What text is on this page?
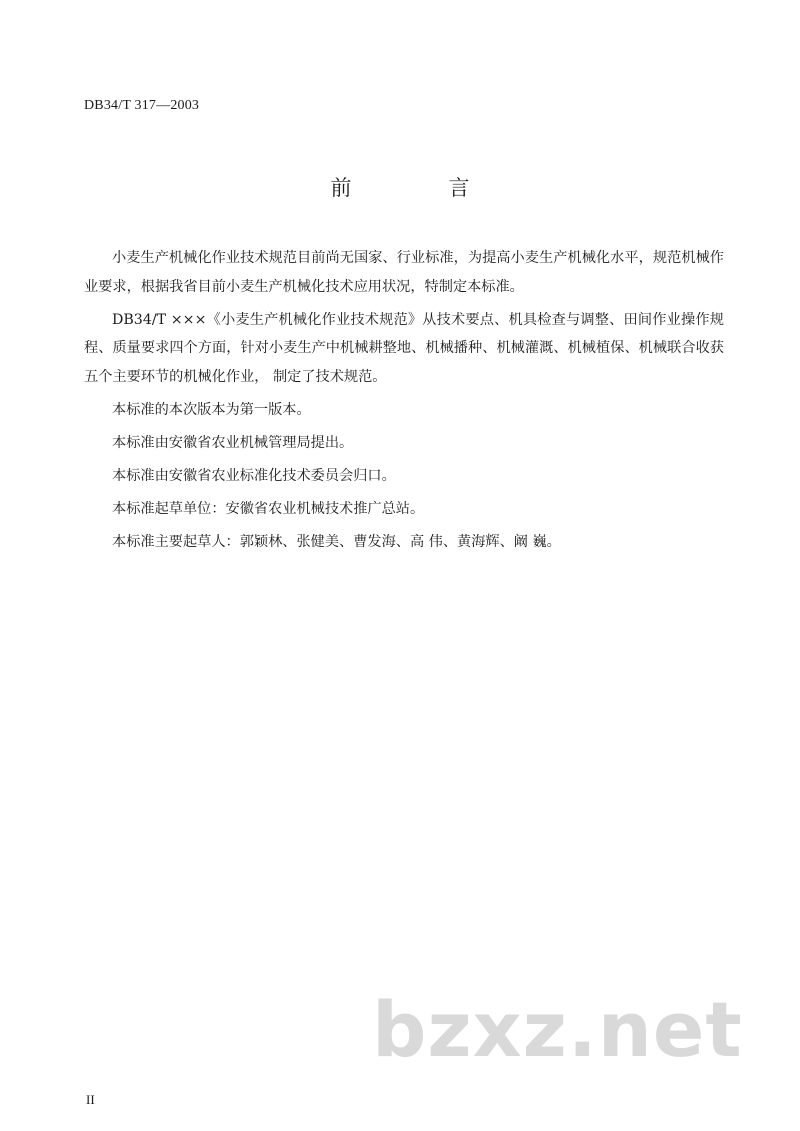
DB34/T 317—2003
前　言

小麦生产机械化作业技术规范目前尚无国家、行业标准，为提高小麦生产机械化水平，规范机械作业要求，根据我省目前小麦生产机械化技术应用状况，特制定本标准。

DB34/T ×××《小麦生产机械化作业技术规范》从技术要点、机具检查与调整、田间作业操作规程、质量要求四个方面，针对小麦生产中机械耕整地、机械播种、机械灌溉、机械植保、机械联合收获五个主要环节的机械化作业， 制定了技术规范。

本标准的本次版本为第一版本。

本标准由安徽省农业机械管理局提出。

本标准由安徽省农业标准化技术委员会归口。

本标准起草单位：安徽省农业机械技术推广总站。

本标准主要起草人：郭颖林、张健美、曹发海、高 伟、黄海辉、阚 巍。

bzxz.net
II
